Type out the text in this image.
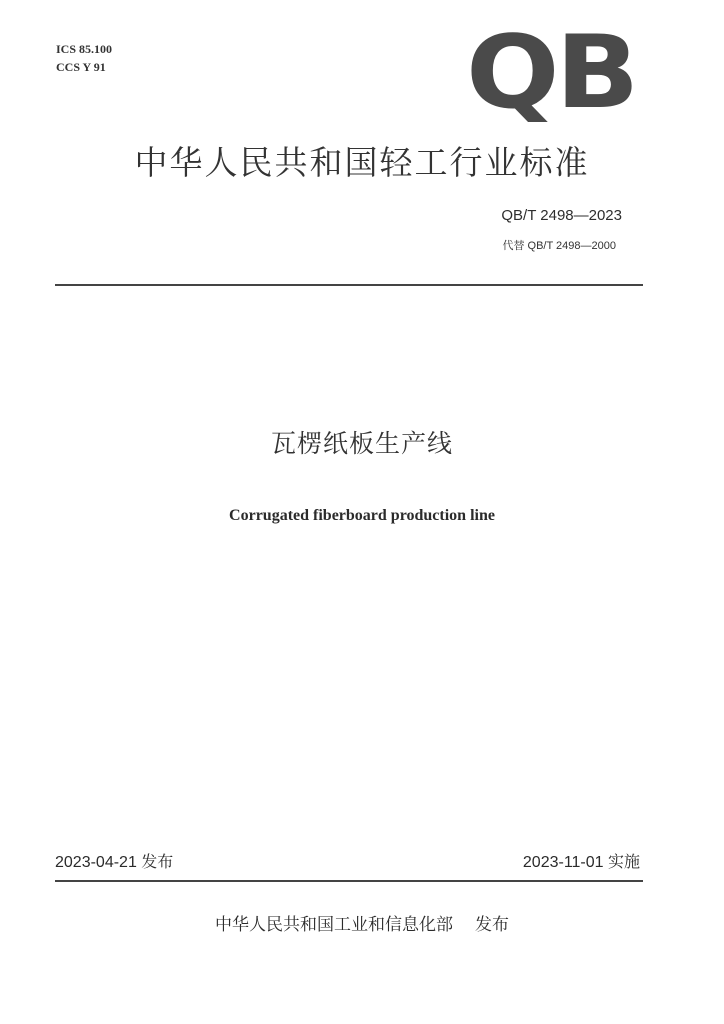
ICS 85.100
CCS Y 91	QB
中华人民共和国轻工行业标准
QB/T 2498—2023
代替 QB/T 2498—2000
瓦楞纸板生产线
Corrugated fiberboard production line
2023-04-21 发布	2023-11-01 实施
中华人民共和国工业和信息化部 发布
